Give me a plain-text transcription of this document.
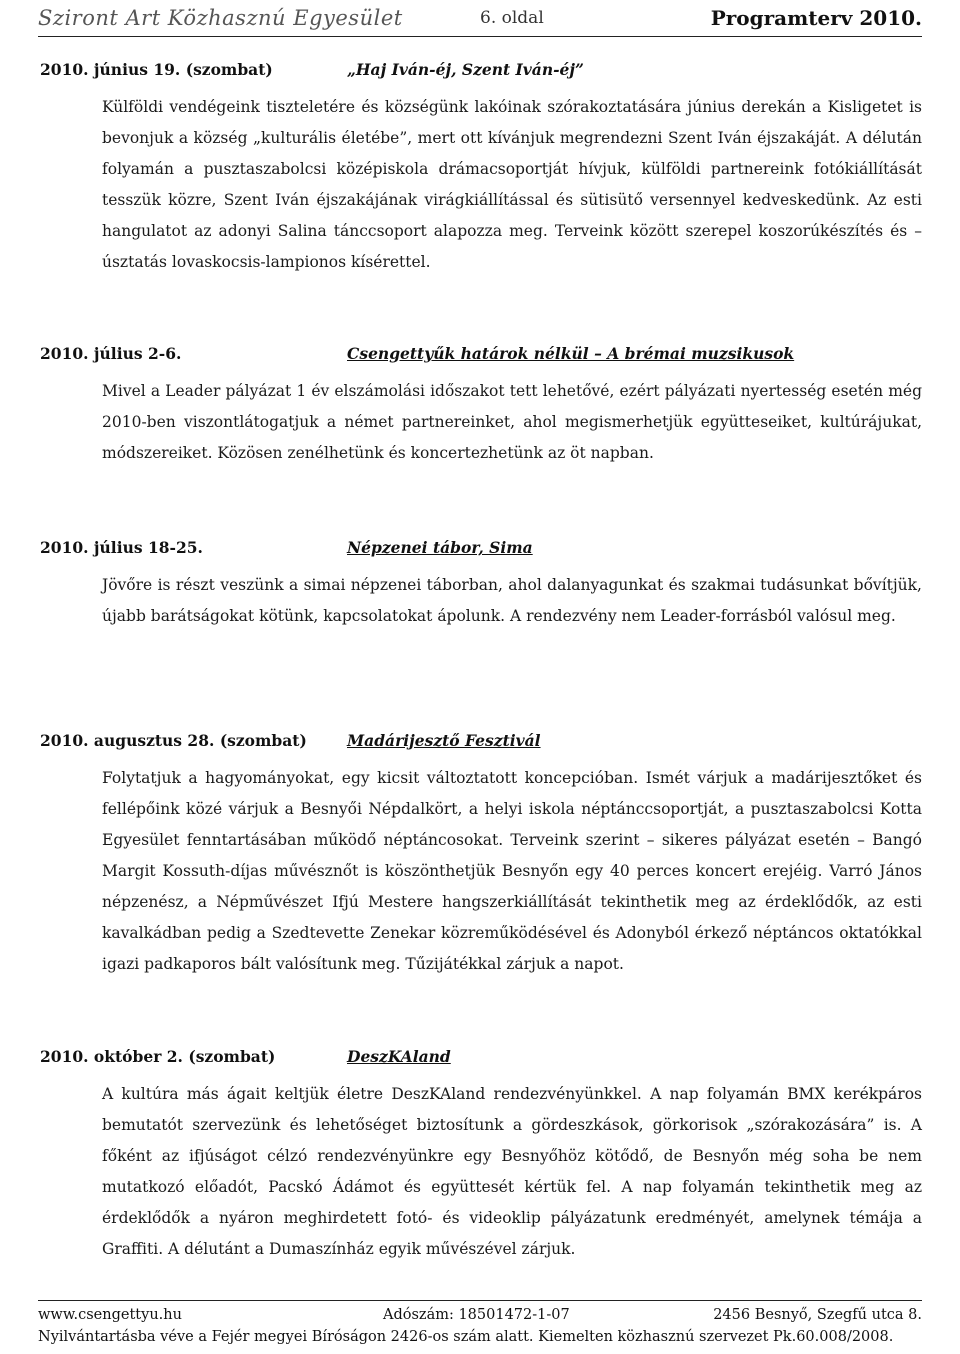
Sziront Art Közhasznú Egyesület	6. oldal	Programterv 2010.
2010. június 19. (szombat)	„Haj Iván-éj, Szent Iván-éj”
Külföldi vendégeink tiszteletére és községünk lakóinak szórakoztatására június derekán a Kisligetet is bevonjuk a község „kulturális életébe”, mert ott kívánjuk megrendezni Szent Iván éjszakáját. A délután folyamán a pusztaszabolcsi középiskola drámacsoportját hívjuk, külföldi partnereink fotókiállítását tesszük közre, Szent Iván éjszakájának virágkiállítással és sütisütő versennyel kedveskedünk. Az esti hangulatot az adonyi Salina tánccsoport alapozza meg. Terveink között szerepel koszorúkészítés és –úsztatás lovaskocsis-lampionos kísérettel.
2010. július 2-6.	Csengettyűk határok nélkül – A brémai muzsikusok
Mivel a Leader pályázat 1 év elszámolási időszakot tett lehetővé, ezért pályázati nyertesség esetén még 2010-ben viszontlátogatjuk a német partnereinket, ahol megismerhetjük együtteseiket, kultúrájukat, módszereiket. Közösen zenélhetünk és koncertezhetünk az öt napban.
2010. július 18-25.	Népzenei tábor, Sima
Jövőre is részt veszünk a simai népzenei táborban, ahol dalanyagunkat és szakmai tudásunkat bővítjük, újabb barátságokat kötünk, kapcsolatokat ápolunk. A rendezvény nem Leader-forrásból valósul meg.
2010. augusztus 28. (szombat)	Madárijesztő Fesztivál
Folytatjuk a hagyományokat, egy kicsit változtatott koncepcióban. Ismét várjuk a madárijesztőket és fellépőink közé várjuk a Besnyői Népdalkört, a helyi iskola néptánccsoportját, a pusztaszabolcsi Kotta Egyesület fenntartásában működő néptáncosokat. Terveink szerint – sikeres pályázat esetén – Bangó Margit Kossuth-díjas művésznőt is köszönthetjük Besnyőn egy 40 perces koncert erejéig. Varró János népzenész, a Népművészet Ifjú Mestere hangszerkiállítását tekinthetik meg az érdeklődők, az esti kavalkádban pedig a Szedtevette Zenekar közreműködésével és Adonyból érkező néptáncos oktatókkal igazi padkaporos bált valósítunk meg. Tűzijátékkal zárjuk a napot.
2010. október 2. (szombat)	DeszKAland
A kultúra más ágait keltjük életre DeszKAland rendezvényünkkel. A nap folyamán BMX kerékpáros bemutatót szervezünk és lehetőséget biztosítunk a gördeszkások, görkorisok „szórakozására” is. A főként az ifjúságot célzó rendezvényünkre egy Besnyőhöz kötődő, de Besnyőn még soha be nem mutatkozó előadót, Pacskó Ádámot és együttesét kértük fel. A nap folyamán tekinthetik meg az érdeklődők a nyáron meghirdetett fotó- és videoklip pályázatunk eredményét, amelynek témája a Graffiti. A délutánt a Dumaszínház egyik művészével zárjuk.
www.csengettyu.hu	Adószám: 18501472-1-07	2456 Besnyő, Szegfű utca 8.
Nyilvántartásba véve a Fejér megyei Bíróságon 2426-os szám alatt. Kiemelten közhasznú szervezet Pk.60.008/2008.
